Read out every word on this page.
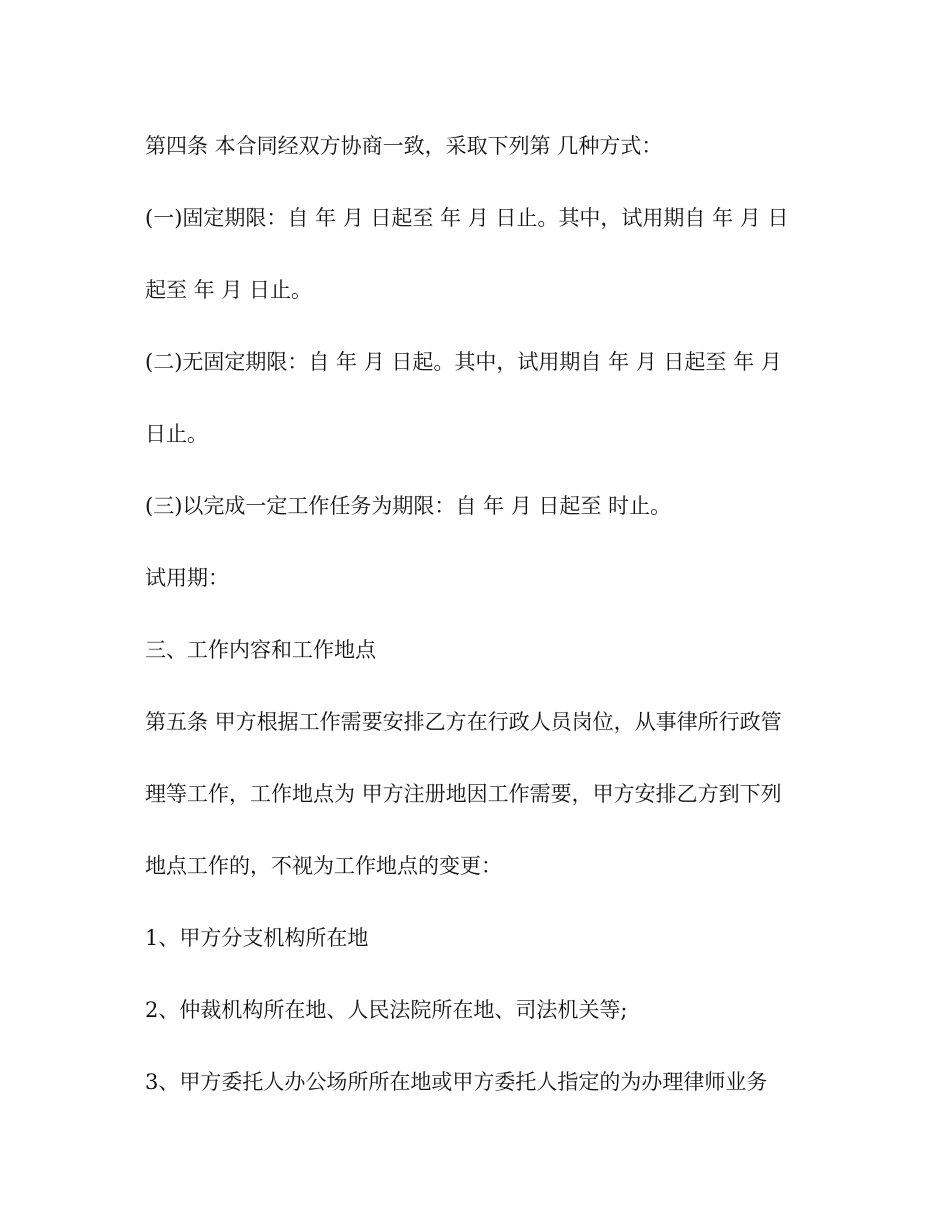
第四条 本合同经双方协商一致，采取下列第 几种方式：
(一)固定期限：自 年 月 日起至 年 月 日止。其中，试用期自 年 月 日
起至 年 月 日止。
(二)无固定期限：自 年 月 日起。其中，试用期自 年 月 日起至 年 月
日止。
(三)以完成一定工作任务为期限：自 年 月 日起至 时止。
试用期：
三、工作内容和工作地点
第五条 甲方根据工作需要安排乙方在行政人员岗位，从事律所行政管
理等工作，工作地点为 甲方注册地因工作需要，甲方安排乙方到下列
地点工作的，不视为工作地点的变更：
1、甲方分支机构所在地
2、仲裁机构所在地、人民法院所在地、司法机关等;
3、甲方委托人办公场所所在地或甲方委托人指定的为办理律师业务
